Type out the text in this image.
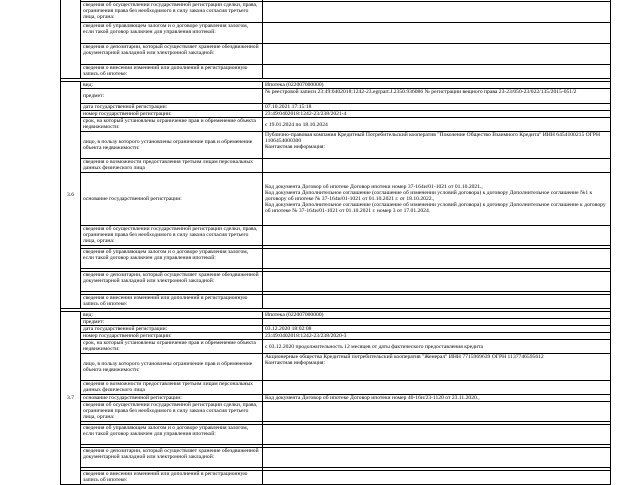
	сведения об осуществлении государственной регистрации сделки, права, ограничения права без необходимого в силу закона согласия третьего лица, органа:	
	сведения об управляющем залогом и о договоре управления залогом, если такой договор заключен для управления ипотекой:	
	сведения о депозитарии, который осуществляет хранение обездвиженной документарной закладной или электронной закладной:	
	сведения о внесении изменений или дополнений в регистрационную запись об ипотеке:	

3.6	вид:	Ипотека (022007000000)
	предмет:	№ реестровой записи 23:49:0402018:1242-23.egrpart.J.2350.936086 № регистрации вещного права 23-23/050-23/022/135/2015-051/2
	дата государственной регистрации:	07.10.2021 17:15:18
	номер государственной регистрации:	23:49:0402018:1242-23/238/2021-4
	срок, на который установлены ограничение прав и обременение объекта недвижимости:	с 19.01.2024 по 18.10.2024
	лицо, в пользу которого установлены ограничение прав и обременение объекта недвижимости:	Публично-правовая компания Кредитный Потребительский кооператив "Поколение Общество Взаимного Кредита" ИНН 6454100215 ОГРН 1106454000300
Контактная информация:

	сведения о возможности предоставления третьим лицам персональных данных физического лица	
	основание государственной регистрации:	Код документа Договор об ипотеке Договор ипотеки номер 37-164и/01-1021 от 01.10.2021.,
Код документа Дополнительное соглашение (соглашение об изменении условий договора) к договору Дополнительное соглашение №1 к договору об ипотеке № 37-164и/01-1021 от 01.10.2021 г. от 18.10.2022.,
Код документа Дополнительное соглашение (соглашение об изменении условий договора) к договору Дополнительное соглашение к договору об ипотеке № 37-164и/01-1021 от 01.10.2021 г. номер 3 от 17.01.2024.

	сведения об осуществлении государственной регистрации сделки, права, ограничения права без необходимого в силу закона согласия третьего лица, органа:	

	сведения об управляющем залогом и о договоре управления залогом, если такой договор заключен для управления ипотекой:	

	сведения о депозитарии, который осуществляет хранение обездвиженной документарной закладной или электронной закладной:	

	сведения о внесении изменений или дополнений в регистрационную запись об ипотеке:	

3.7	вид:	Ипотека (022007000000)
	предмет:	
	дата государственной регистрации:	03.12.2020 18:02:08
	номер государственной регистрации:	23:49:0402018:1242-23/238/2020-3
	срок, на который установлены ограничение прав и обременение объекта недвижимости:	с 03.12.2020 продолжительность 12 месяцев от даты фактического предоставления кредита
	лицо, в пользу которого установлены ограничение прав и обременение объекта недвижимости:	Акционерные общества Кредитный потребительский кооператив "Женерал" ИНН 7715969639 ОГРН 1137746595612
Контактная информация:

	сведения о возможности предоставления третьим лицам персональных данных физического лица	
	основание государственной регистрации:	Код документа Договор об ипотеке Договор ипотеки номер 40-16и/23-1120 от 23.11.2020.,

	сведения об осуществлении государственной регистрации сделки, права, ограничения права без необходимого в силу закона согласия третьего лица, органа:	

	сведения об управляющем залогом и о договоре управления залогом, если такой договор заключен для управления ипотекой:	

	сведения о депозитарии, который осуществляет хранение обездвиженной документарной закладной или электронной закладной:	

	сведения о внесении изменений или дополнений в регистрационную запись об ипотеке:	
